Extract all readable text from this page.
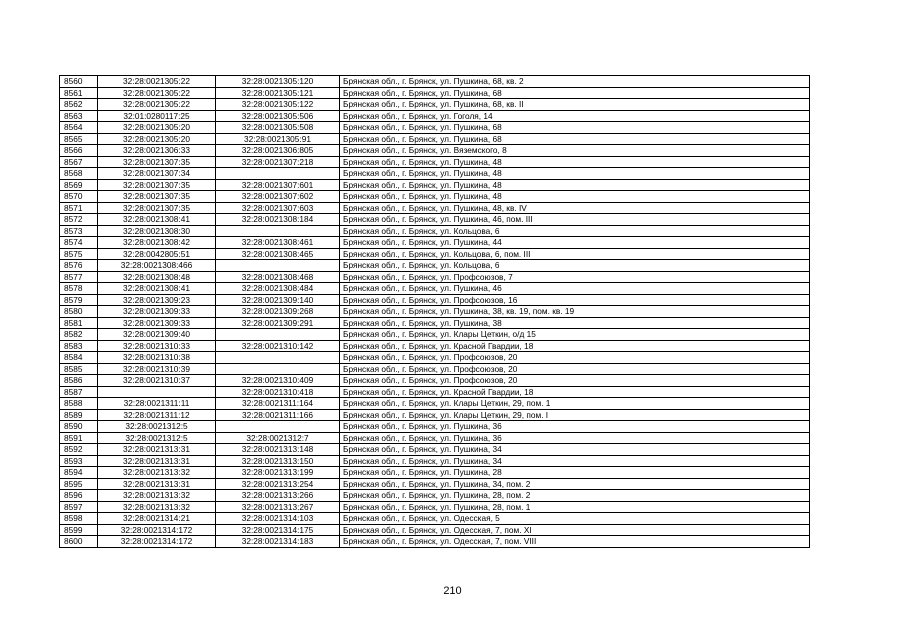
8560	32:28:0021305:22	32:28:0021305:120	Брянская обл., г. Брянск, ул. Пушкина, 68, кв. 2
8561	32:28:0021305:22	32:28:0021305:121	Брянская обл., г. Брянск, ул. Пушкина, 68
8562	32:28:0021305:22	32:28:0021305:122	Брянская обл., г. Брянск, ул. Пушкина, 68, кв. II
8563	32:01:0280117:25	32:28:0021305:506	Брянская обл., г. Брянск, ул. Гоголя, 14
8564	32:28:0021305:20	32:28:0021305:508	Брянская обл., г. Брянск, ул. Пушкина, 68
8565	32:28:0021305:20	32:28:0021305:91	Брянская обл., г. Брянск, ул. Пушкина, 68
8566	32:28:0021306:33	32:28:0021306:805	Брянская обл., г. Брянск, ул. Вяземского, 8
8567	32:28:0021307:35	32:28:0021307:218	Брянская обл., г. Брянск, ул. Пушкина, 48
8568	32:28:0021307:34		Брянская обл., г. Брянск, ул. Пушкина, 48
8569	32:28:0021307:35	32:28:0021307:601	Брянская обл., г. Брянск, ул. Пушкина, 48
8570	32:28:0021307:35	32:28:0021307:602	Брянская обл., г. Брянск, ул. Пушкина, 48
8571	32:28:0021307:35	32:28:0021307:603	Брянская обл., г. Брянск, ул. Пушкина, 48, кв. IV
8572	32:28:0021308:41	32:28:0021308:184	Брянская обл., г. Брянск, ул. Пушкина, 46, пом. III
8573	32:28:0021308:30		Брянская обл., г. Брянск, ул. Кольцова, 6
8574	32:28:0021308:42	32:28:0021308:461	Брянская обл., г. Брянск, ул. Пушкина, 44
8575	32:28:0042805:51	32:28:0021308:465	Брянская обл., г. Брянск, ул. Кольцова, 6, пом. III
8576	32:28:0021308:466		Брянская обл., г. Брянск, ул. Кольцова, 6
8577	32:28:0021308:48	32:28:0021308:468	Брянская обл., г. Брянск, ул. Профсоюзов, 7
8578	32:28:0021308:41	32:28:0021308:484	Брянская обл., г. Брянск, ул. Пушкина, 46
8579	32:28:0021309:23	32:28:0021309:140	Брянская обл., г. Брянск, ул. Профсоюзов, 16
8580	32:28:0021309:33	32:28:0021309:268	Брянская обл., г. Брянск, ул. Пушкина, 38, кв. 19, пом. кв. 19
8581	32:28:0021309:33	32:28:0021309:291	Брянская обл., г. Брянск, ул. Пушкина, 38
8582	32:28:0021309:40		Брянская обл., г. Брянск, ул. Клары Цеткин, о/д 15
8583	32:28:0021310:33	32:28:0021310:142	Брянская обл., г. Брянск, ул. Красной Гвардии, 18
8584	32:28:0021310:38		Брянская обл., г. Брянск, ул. Профсоюзов, 20
8585	32:28:0021310:39		Брянская обл., г. Брянск, ул. Профсоюзов, 20
8586	32:28:0021310:37	32:28:0021310:409	Брянская обл., г. Брянск, ул. Профсоюзов, 20
8587		32:28:0021310:418	Брянская обл., г. Брянск, ул. Красной Гвардии, 18
8588	32:28:0021311:11	32:28:0021311:164	Брянская обл., г. Брянск, ул. Клары Цеткин, 29, пом. 1
8589	32:28:0021311:12	32:28:0021311:166	Брянская обл., г. Брянск, ул. Клары Цеткин, 29, пом. I
8590	32:28:0021312:5		Брянская обл., г. Брянск, ул. Пушкина, 36
8591	32:28:0021312:5	32:28:0021312:7	Брянская обл., г. Брянск, ул. Пушкина, 36
8592	32:28:0021313:31	32:28:0021313:148	Брянская обл., г. Брянск, ул. Пушкина, 34
8593	32:28:0021313:31	32:28:0021313:150	Брянская обл., г. Брянск, ул. Пушкина, 34
8594	32:28:0021313:32	32:28:0021313:199	Брянская обл., г. Брянск, ул. Пушкина, 28
8595	32:28:0021313:31	32:28:0021313:254	Брянская обл., г. Брянск, ул. Пушкина, 34, пом. 2
8596	32:28:0021313:32	32:28:0021313:266	Брянская обл., г. Брянск, ул. Пушкина, 28, пом. 2
8597	32:28:0021313:32	32:28:0021313:267	Брянская обл., г. Брянск, ул. Пушкина, 28, пом. 1
8598	32:28:0021314:21	32:28:0021314:103	Брянская обл., г. Брянск, ул. Одесская, 5
8599	32:28:0021314:172	32:28:0021314:175	Брянская обл., г. Брянск, ул. Одесская, 7, пом. XI
8600	32:28:0021314:172	32:28:0021314:183	Брянская обл., г. Брянск, ул. Одесская, 7, пом. VIII
210
